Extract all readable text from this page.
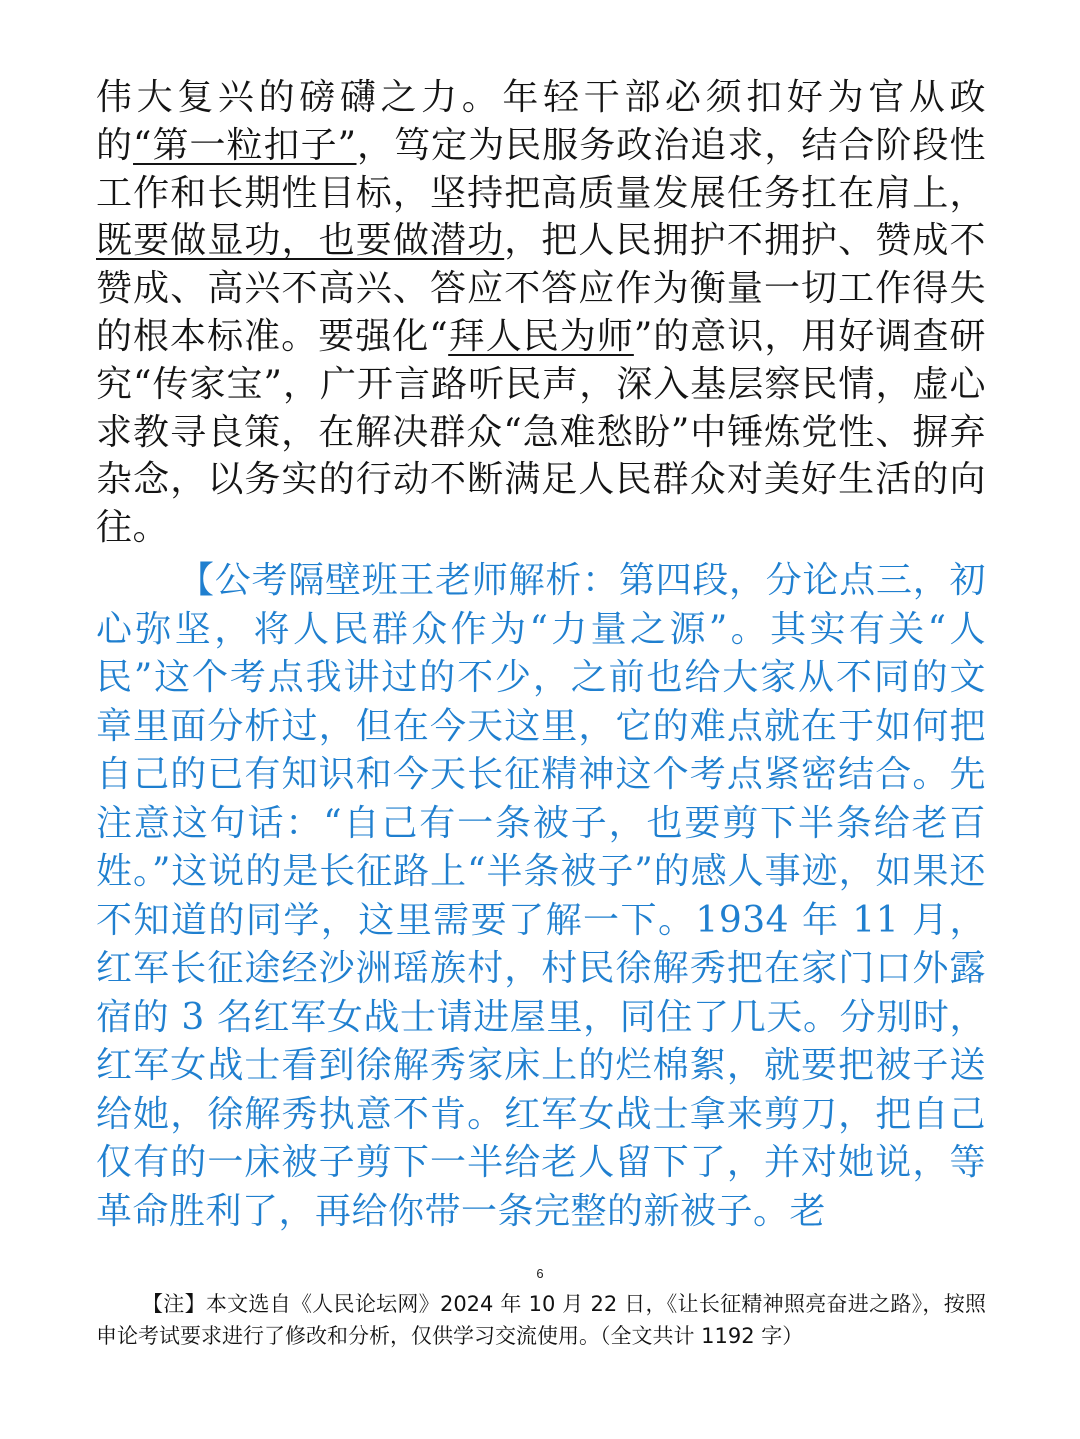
伟大复兴的磅礴之力。年轻干部必须扣好为官从政的“第一粒扣子”，笃定为民服务政治追求，结合阶段性工作和长期性目标，坚持把高质量发展任务扛在肩上，既要做显功，也要做潜功，把人民拥护不拥护、赞成不赞成、高兴不高兴、答应不答应作为衡量一切工作得失的根本标准。要强化“拜人民为师”的意识，用好调查研究“传家宝”，广开言路听民声，深入基层察民情，虚心求教寻良策，在解决群众“急难愁盼”中锤炼党性、摒弃杂念，以务实的行动不断满足人民群众对美好生活的向往。

【公考隔壁班王老师解析：第四段，分论点三，初心弥坚，将人民群众作为“力量之源”。其实有关“人民”这个考点我讲过的不少，之前也给大家从不同的文章里面分析过，但在今天这里，它的难点就在于如何把自己的已有知识和今天长征精神这个考点紧密结合。先注意这句话：“自己有一条被子，也要剪下半条给老百姓。”这说的是长征路上“半条被子”的感人事迹，如果还不知道的同学，这里需要了解一下。1934 年 11 月，红军长征途经沙洲瑶族村，村民徐解秀把在家门口外露宿的 3 名红军女战士请进屋里，同住了几天。分别时，红军女战士看到徐解秀家床上的烂棉絮，就要把被子送给她，徐解秀执意不肯。红军女战士拿来剪刀，把自己仅有的一床被子剪下一半给老人留下了，并对她说，等革命胜利了，再给你带一条完整的新被子。老

6

【注】本文选自《人民论坛网》2024 年 10 月 22 日，《让长征精神照亮奋进之路》，按照申论考试要求进行了修改和分析，仅供学习交流使用。（全文共计 1192 字）
